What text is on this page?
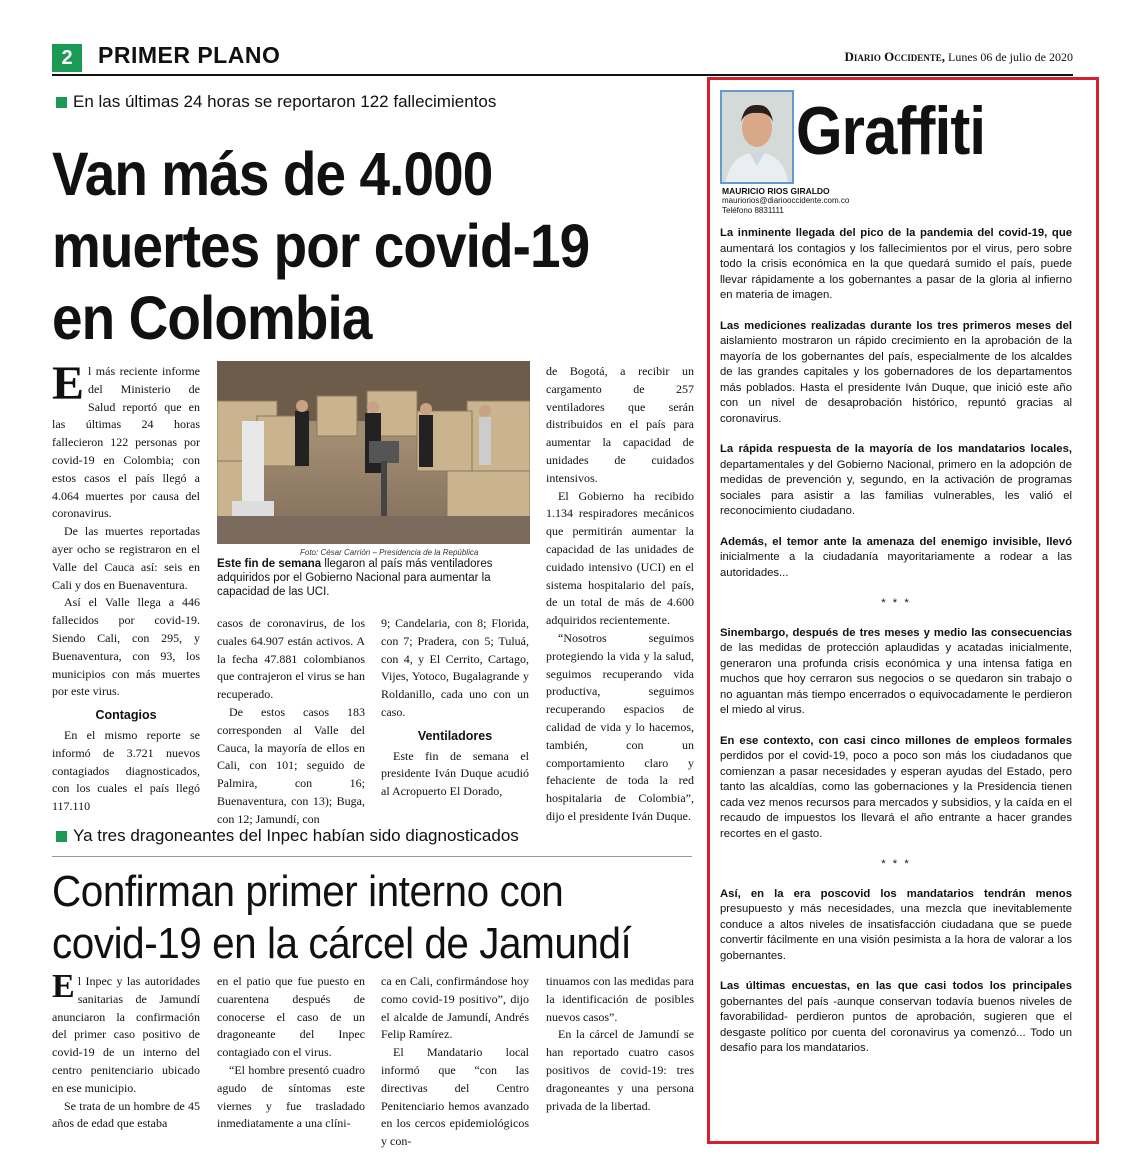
2	PRIMER PLANO	Diario Occidente, Lunes 06 de julio de 2020
En las últimas 24 horas se reportaron 122 fallecimientos
Van más de 4.000
muertes por covid-19
en Colombia
E l más reciente informe del Ministerio de Salud reportó que en las últimas 24 horas fallecieron 122 personas por covid-19 en Colombia; con estos casos el país llegó a 4.064 muertes por causa del coronavirus.

De las muertes reportadas ayer ocho se registraron en el Valle del Cauca así: seis en Cali y dos en Buenaventura.

Así el Valle llega a 446 fallecidos por covid-19. Siendo Cali, con 295, y Buenaventura, con 93, los municipios con más muertes por este virus.

Contagios

En el mismo reporte se informó de 3.721 nuevos contagiados diagnosticados, con los cuales el país llegó 117.110

Foto: César Carrión – Presidencia de la República
Este fin de semana llegaron al país más ventiladores adquiridos por el Gobierno Nacional para aumentar la capacidad de las UCI.

casos de coronavirus, de los cuales 64.907 están activos. A la fecha 47.881 colombianos que contrajeron el virus se han recuperado.

De estos casos 183 corresponden al Valle del Cauca, la mayoría de ellos en Cali, con 101; seguido de Palmira, con 16; Buenaventura, con 13); Buga, con 12; Jamundí, con

9; Candelaria, con 8; Florida, con 7; Pradera, con 5; Tuluá, con 4, y El Cerrito, Cartago, Vijes, Yotoco, Bugalagrande y Roldanillo, cada uno con un caso.

Ventiladores

Este fin de semana el presidente Iván Duque acudió al Acropuerto El Dorado,

de Bogotá, a recibir un cargamento de 257 ventiladores que serán distribuidos en el país para aumentar la capacidad de unidades de cuidados intensivos.

El Gobierno ha recibido 1.134 respiradores mecánicos que permitirán aumentar la capacidad de las unidades de cuidado intensivo (UCI) en el sistema hospitalario del país, de un total de más de 4.600 adquiridos recientemente.

“Nosotros seguimos protegiendo la vida y la salud, seguimos recuperando vida productiva, seguimos recuperando espacios de calidad de vida y lo hacemos, también, con un comportamiento claro y fehaciente de toda la red hospitalaria de Colombia”, dijo el presidente Iván Duque.

Ya tres dragoneantes del Inpec habían sido diagnosticados
Confirman primer interno con
covid-19 en la cárcel de Jamundí
E l Inpec y las autoridades sanitarias de Jamundí anunciaron la confirmación del primer caso positivo de covid-19 de un interno del centro penitenciario ubicado en ese municipio.

Se trata de un hombre de 45 años de edad que estaba

en el patio que fue puesto en cuarentena después de conocerse el caso de un dragoneante del Inpec contagiado con el virus.

“El hombre presentó cuadro agudo de síntomas este viernes y fue trasladado inmediatamente a una clíni-

ca en Cali, confirmándose hoy como covid-19 positivo”, dijo el alcalde de Jamundí, Andrés Felip Ramírez.

El Mandatario local informó que “con las directivas del Centro Penitenciario hemos avanzado en los cercos epidemiológicos y con-

tinuamos con las medidas para la identificación de posibles nuevos casos”.

En la cárcel de Jamundí se han reportado cuatro casos positivos de covid-19: tres dragoneantes y una persona privada de la libertad.

Graffiti
MAURICIO RIOS GIRALDO
mauriorios@diariooccidente.com.co
Teléfono 8831111

La inminente llegada del pico de la pandemia del covid-19, que aumentará los contagios y los fallecimientos por el virus, pero sobre todo la crisis económica en la que quedará sumido el país, puede llevar rápidamente a los gobernantes a pasar de la gloria al infierno en materia de imagen.

Las mediciones realizadas durante los tres primeros meses del aislamiento mostraron un rápido crecimiento en la aprobación de la mayoría de los gobernantes del país, especialmente de los alcaldes de las grandes capitales y los gobernadores de los departamentos más poblados. Hasta el presidente Iván Duque, que inició este año con un nivel de desaprobación histórico, repuntó gracias al coronavirus.

La rápida respuesta de la mayoría de los mandatarios locales, departamentales y del Gobierno Nacional, primero en la adopción de medidas de prevención y, segundo, en la activación de programas sociales para asistir a las familias vulnerables, les valió el reconocimiento ciudadano.

Además, el temor ante la amenaza del enemigo invisible, llevó inicialmente a la ciudadanía mayoritariamente a rodear a las autoridades...

* * *

Sinembargo, después de tres meses y medio las consecuencias de las medidas de protección aplaudidas y acatadas inicialmente, generaron una profunda crisis económica y una intensa fatiga en muchos que hoy cerraron sus negocios o se quedaron sin trabajo o no aguantan más tiempo encerrados o equivocadamente le perdieron el miedo al virus.

En ese contexto, con casi cinco millones de empleos formales perdidos por el covid-19, poco a poco son más los ciudadanos que comienzan a pasar necesidades y esperan ayudas del Estado, pero tanto las alcaldías, como las gobernaciones y la Presidencia tienen cada vez menos recursos para mercados y subsidios, y la caída en el recaudo de impuestos los llevará el año entrante a hacer grandes recortes en el gasto.

* * *

Así, en la era poscovid los mandatarios tendrán menos presupuesto y más necesidades, una mezcla que inevitablemente conduce a altos niveles de insatisfacción ciudadana que se puede convertir fácilmente en una visión pesimista a la hora de valorar a los gobernantes.

Las últimas encuestas, en las que casi todos los principales gobernantes del país -aunque conservan todavía buenos niveles de favorabilidad- perdieron puntos de aprobación, sugieren que el desgaste político por cuenta del coronavirus ya comenzó... Todo un desafío para los mandatarios.
